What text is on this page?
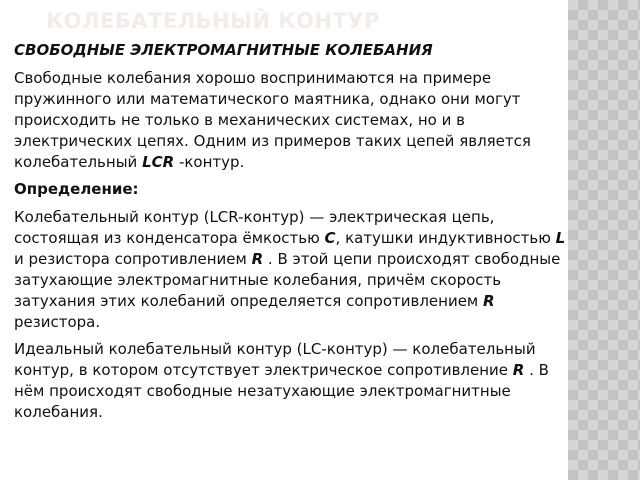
КОЛЕБАТЕЛЬНЫЙ КОНТУР

СВОБОДНЫЕ ЭЛЕКТРОМАГНИТНЫЕ КОЛЕБАНИЯ

Свободные колебания хорошо воспринимаются на примере пружинного или математического маятника, однако они могут происходить не только в механических системах, но и в электрических цепях. Одним из примеров таких цепей является колебательный LCR -контур.

Определение:

Колебательный контур (LCR-контур) — электрическая цепь, состоящая из конденсатора ёмкостью C, катушки индуктивностью L и резистора сопротивлением R . В этой цепи происходят свободные затухающие электромагнитные колебания, причём скорость затухания этих колебаний определяется сопротивлением R резистора.

Идеальный колебательный контур (LC-контур) — колебательный контур, в котором отсутствует электрическое сопротивление R . В нём происходят свободные незатухающие электромагнитные колебания.
